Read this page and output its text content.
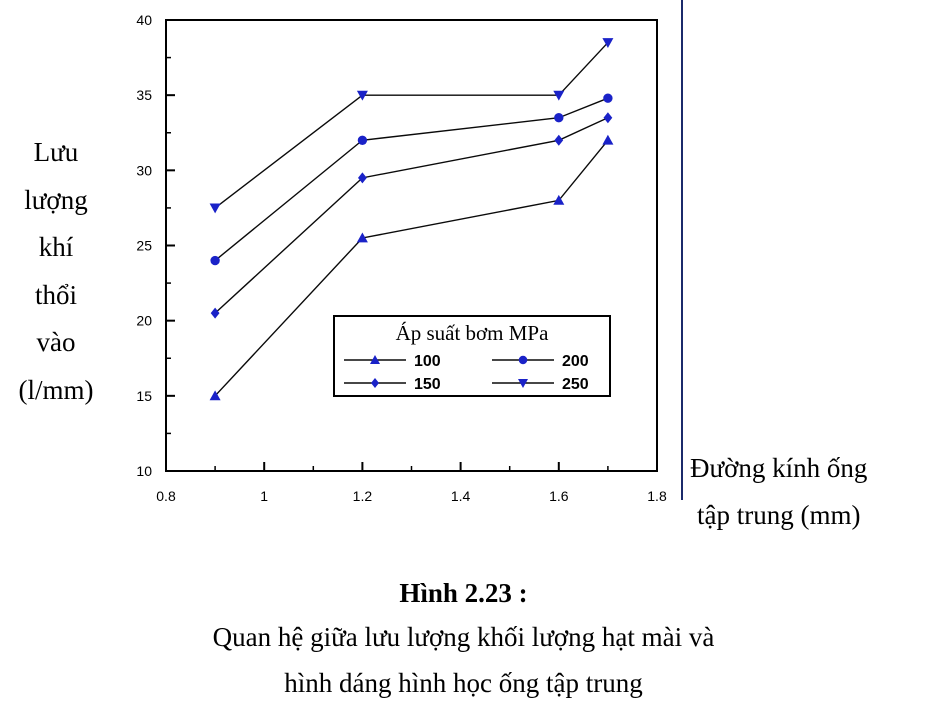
10
15
20
25
30
35
40
0.8	1	1.2	1.4	1.6	1.8
Áp suất bơm MPa
100
150
200
250
Lưu
lượng
khí
thổi
vào
(l/mm)
Đường kính ống
tập trung (mm)
Hình 2.23 :
Quan hệ giữa lưu lượng khối lượng hạt mài và
hình dáng hình học ống tập trung
